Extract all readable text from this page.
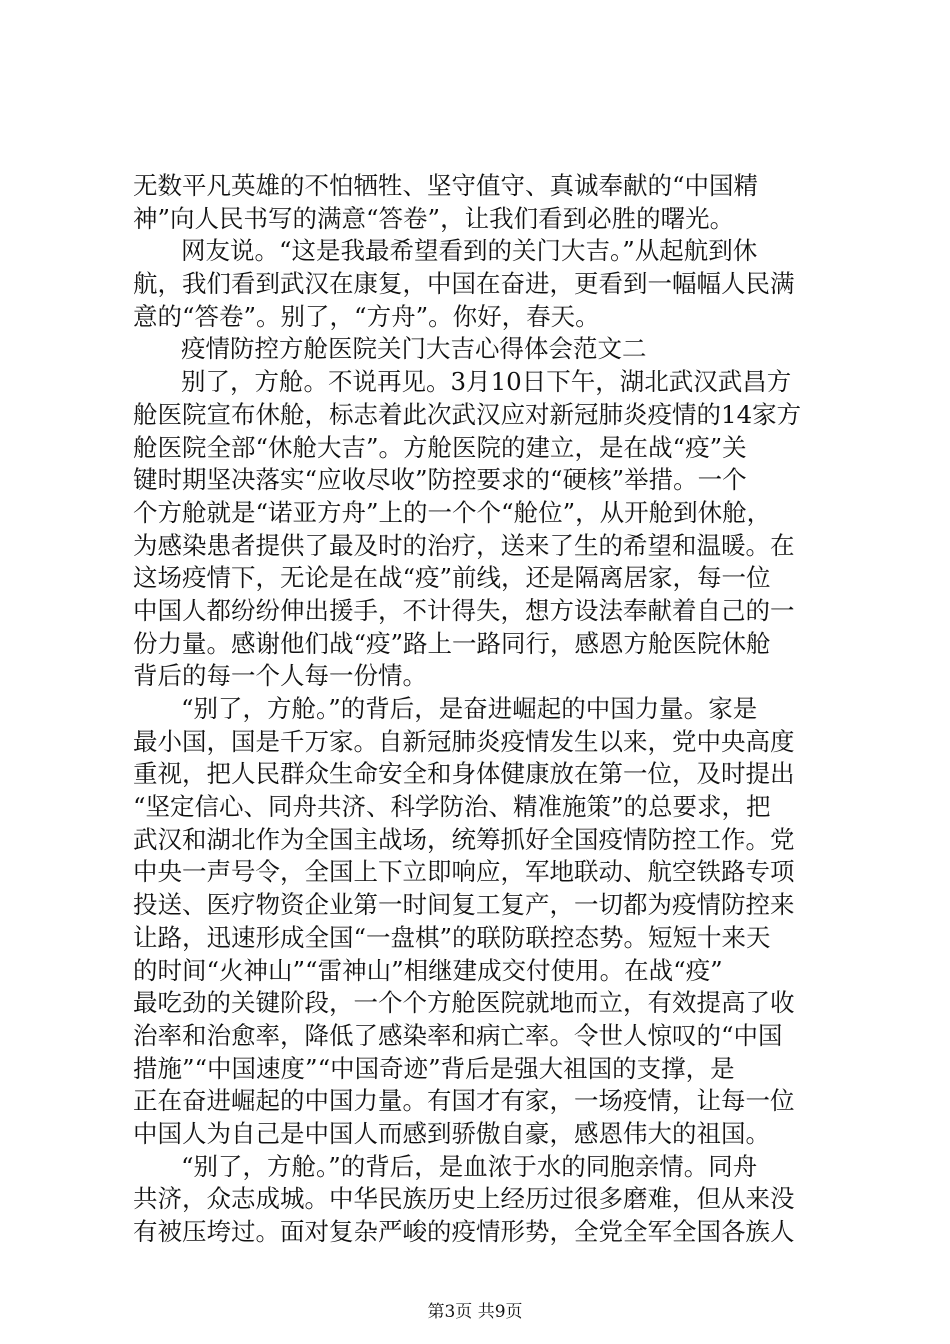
无数平凡英雄的不怕牺牲、坚守值守、真诚奉献的“中国精
神”向人民书写的满意“答卷”，让我们看到必胜的曙光。
网友说。“这是我最希望看到的关门大吉。”从起航到休
航，我们看到武汉在康复，中国在奋进，更看到一幅幅人民满
意的“答卷”。别了，“方舟”。你好，春天。
疫情防控方舱医院关门大吉心得体会范文二
别了，方舱。不说再见。3月10日下午，湖北武汉武昌方
舱医院宣布休舱，标志着此次武汉应对新冠肺炎疫情的14家方
舱医院全部“休舱大吉”。方舱医院的建立，是在战“疫”关
键时期坚决落实“应收尽收”防控要求的“硬核”举措。一个
个方舱就是“诺亚方舟”上的一个个“舱位”，从开舱到休舱，
为感染患者提供了最及时的治疗，送来了生的希望和温暖。在
这场疫情下，无论是在战“疫”前线，还是隔离居家，每一位
中国人都纷纷伸出援手，不计得失，想方设法奉献着自己的一
份力量。感谢他们战“疫”路上一路同行，感恩方舱医院休舱
背后的每一个人每一份情。
“别了，方舱。”的背后，是奋进崛起的中国力量。家是
最小国，国是千万家。自新冠肺炎疫情发生以来，党中央高度
重视，把人民群众生命安全和身体健康放在第一位，及时提出
“坚定信心、同舟共济、科学防治、精准施策”的总要求，把
武汉和湖北作为全国主战场，统筹抓好全国疫情防控工作。党
中央一声号令，全国上下立即响应，军地联动、航空铁路专项
投送、医疗物资企业第一时间复工复产，一切都为疫情防控来
让路，迅速形成全国“一盘棋”的联防联控态势。短短十来天
的时间“火神山”“雷神山”相继建成交付使用。在战“疫”
最吃劲的关键阶段，一个个方舱医院就地而立，有效提高了收
治率和治愈率，降低了感染率和病亡率。令世人惊叹的“中国
措施”“中国速度”“中国奇迹”背后是强大祖国的支撑，是
正在奋进崛起的中国力量。有国才有家，一场疫情，让每一位
中国人为自己是中国人而感到骄傲自豪，感恩伟大的祖国。
“别了，方舱。”的背后，是血浓于水的同胞亲情。同舟
共济，众志成城。中华民族历史上经历过很多磨难，但从来没
有被压垮过。面对复杂严峻的疫情形势，全党全军全国各族人
第3页 共9页
